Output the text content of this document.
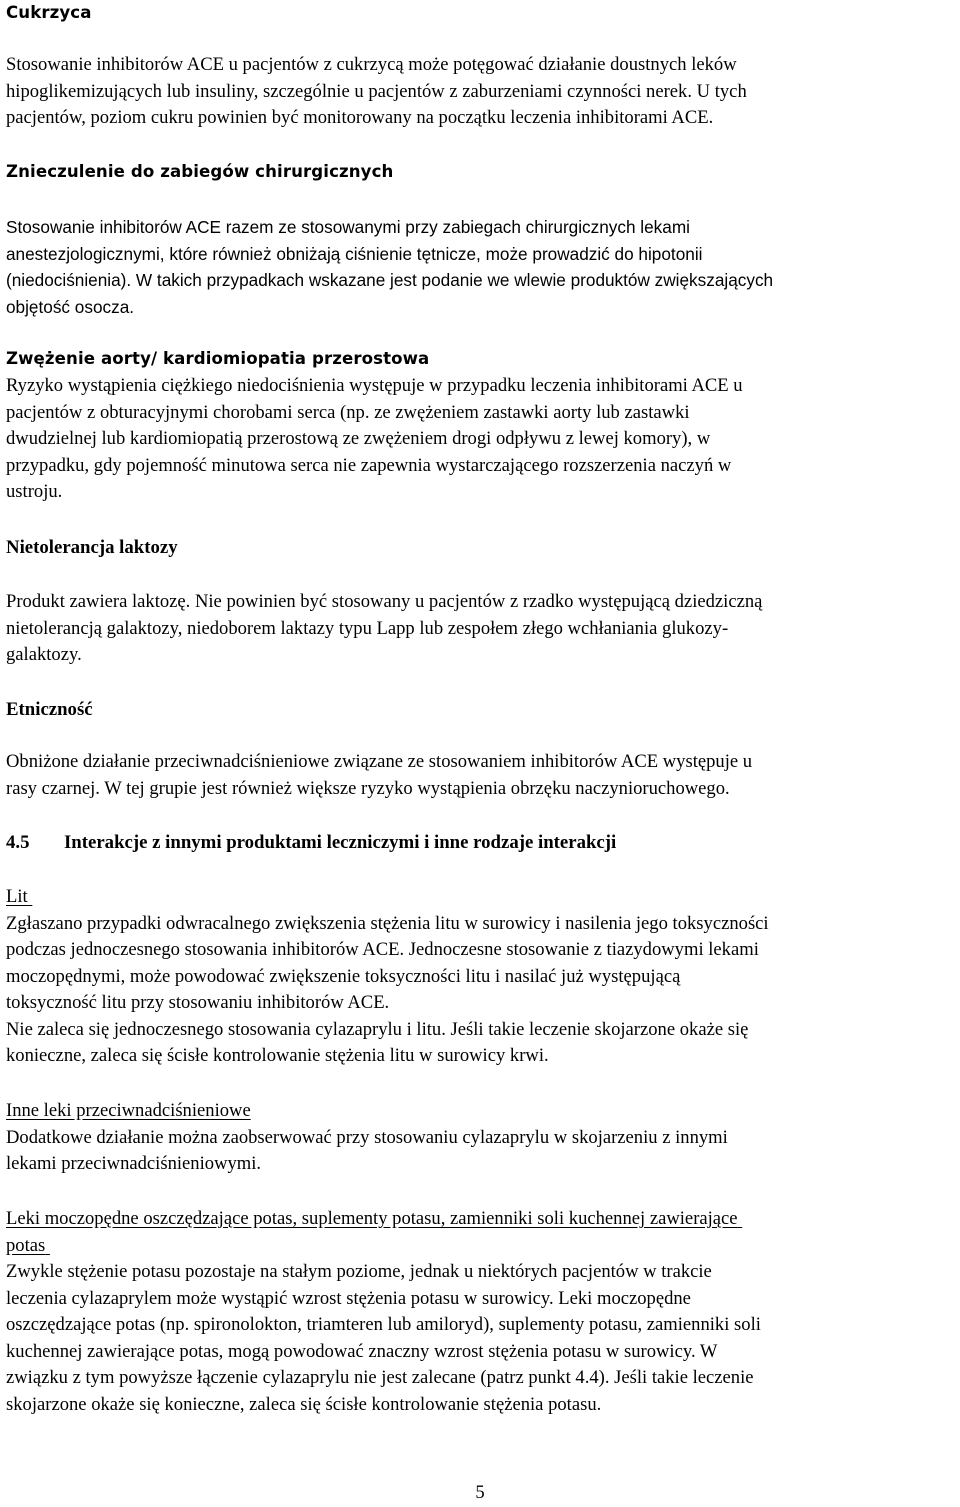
Cukrzyca

Stosowanie inhibitorów ACE u pacjentów z cukrzycą może potęgować działanie doustnych leków

hipoglikemizujących lub insuliny, szczególnie u pacjentów z zaburzeniami czynności nerek. U tych

pacjentów, poziom cukru powinien być monitorowany na początku leczenia inhibitorami ACE.

Znieczulenie do zabiegów chirurgicznych

Stosowanie inhibitorów ACE razem ze stosowanymi przy zabiegach chirurgicznych lekami

anestezjologicznymi, które również obniżają ciśnienie tętnicze, może prowadzić do hipotonii

(niedociśnienia). W takich przypadkach wskazane jest podanie we wlewie produktów zwiększających

objętość osocza.

Zwężenie aorty/ kardiomiopatia przerostowa

Ryzyko wystąpienia ciężkiego niedociśnienia występuje w przypadku leczenia inhibitorami ACE u

pacjentów z obturacyjnymi chorobami serca (np. ze zwężeniem zastawki aorty lub zastawki

dwudzielnej lub kardiomiopatią przerostową ze zwężeniem drogi odpływu z lewej komory), w

przypadku, gdy pojemność minutowa serca nie zapewnia wystarczającego rozszerzenia naczyń w

ustroju.

Nietolerancja laktozy

Produkt zawiera laktozę. Nie powinien być stosowany u pacjentów z rzadko występującą dziedziczną

nietolerancją galaktozy, niedoborem laktazy typu Lapp lub zespołem złego wchłaniania glukozy-

galaktozy.

Etniczność

Obniżone działanie przeciwnadciśnieniowe związane ze stosowaniem inhibitorów ACE występuje u

rasy czarnej. W tej grupie jest również większe ryzyko wystąpienia obrzęku naczynioruchowego.

4.5 Interakcje z innymi produktami leczniczymi i inne rodzaje interakcji

Lit

Zgłaszano przypadki odwracalnego zwiększenia stężenia litu w surowicy i nasilenia jego toksyczności

podczas jednoczesnego stosowania inhibitorów ACE. Jednoczesne stosowanie z tiazydowymi lekami

moczopędnymi, może powodować zwiększenie toksyczności litu i nasilać już występującą

toksyczność litu przy stosowaniu inhibitorów ACE.

Nie zaleca się jednoczesnego stosowania cylazaprylu i litu. Jeśli takie leczenie skojarzone okaże się

konieczne, zaleca się ścisłe kontrolowanie stężenia litu w surowicy krwi.

Inne leki przeciwnadciśnieniowe

Dodatkowe działanie można zaobserwować przy stosowaniu cylazaprylu w skojarzeniu z innymi

lekami przeciwnadciśnieniowymi.

Leki moczopędne oszczędzające potas, suplementy potasu, zamienniki soli kuchennej zawierające

potas

Zwykle stężenie potasu pozostaje na stałym poziome, jednak u niektórych pacjentów w trakcie

leczenia cylazaprylem może wystąpić wzrost stężenia potasu w surowicy. Leki moczopędne

oszczędzające potas (np. spironolokton, triamteren lub amiloryd), suplementy potasu, zamienniki soli

kuchennej zawierające potas, mogą powodować znaczny wzrost stężenia potasu w surowicy. W

związku z tym powyższe łączenie cylazaprylu nie jest zalecane (patrz punkt 4.4). Jeśli takie leczenie

skojarzone okaże się konieczne, zaleca się ścisłe kontrolowanie stężenia potasu.

5
